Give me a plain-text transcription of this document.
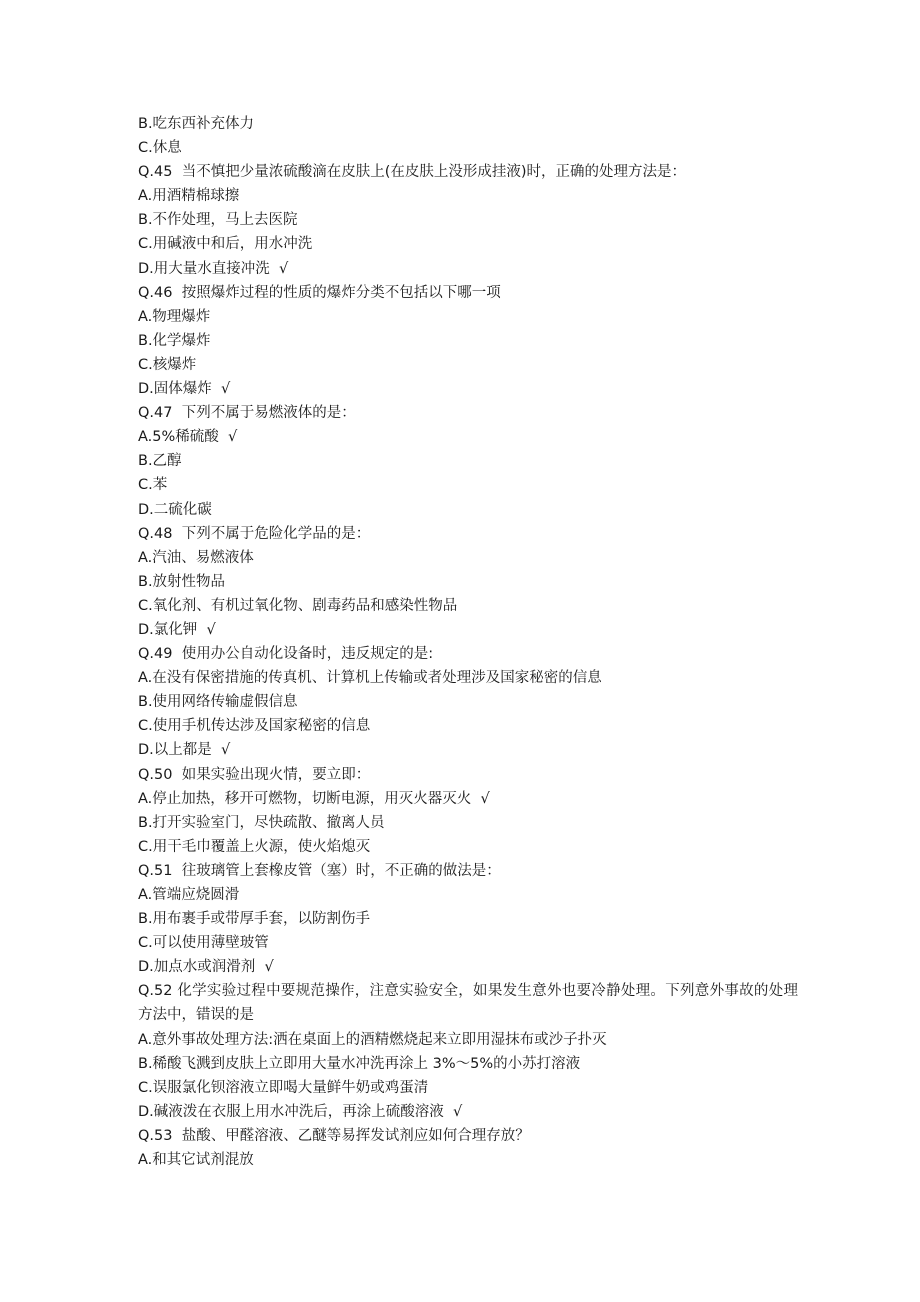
B.吃东西补充体力

C.休息

Q.45  当不慎把少量浓硫酸滴在皮肤上(在皮肤上没形成挂液)时，正确的处理方法是：

A.用酒精棉球擦

B.不作处理，马上去医院

C.用碱液中和后，用水冲洗

D.用大量水直接冲洗  √

Q.46  按照爆炸过程的性质的爆炸分类不包括以下哪一项

A.物理爆炸

B.化学爆炸

C.核爆炸

D.固体爆炸  √

Q.47  下列不属于易燃液体的是：

A.5%稀硫酸  √

B.乙醇

C.苯

D.二硫化碳

Q.48  下列不属于危险化学品的是：

A.汽油、易燃液体

B.放射性物品

C.氧化剂、有机过氧化物、剧毒药品和感染性物品

D.氯化钾  √

Q.49  使用办公自动化设备时，违反规定的是:

A.在没有保密措施的传真机、计算机上传输或者处理涉及国家秘密的信息

B.使用网络传输虚假信息

C.使用手机传达涉及国家秘密的信息

D.以上都是  √

Q.50  如果实验出现火情，要立即：

A.停止加热，移开可燃物，切断电源，用灭火器灭火  √

B.打开实验室门，尽快疏散、撤离人员

C.用干毛巾覆盖上火源，使火焰熄灭

Q.51  往玻璃管上套橡皮管（塞）时，不正确的做法是：

A.管端应烧圆滑

B.用布裹手或带厚手套，以防割伤手

C.可以使用薄壁玻管

D.加点水或润滑剂  √

Q.52 化学实验过程中要规范操作，注意实验安全，如果发生意外也要冷静处理。下列意外事故的处理方法中，错误的是

A.意外事故处理方法:洒在桌面上的酒精燃烧起来立即用湿抹布或沙子扑灭

B.稀酸飞溅到皮肤上立即用大量水冲洗再涂上 3%～5%的小苏打溶液

C.误服氯化钡溶液立即喝大量鲜牛奶或鸡蛋清

D.碱液泼在衣服上用水冲洗后，再涂上硫酸溶液  √

Q.53  盐酸、甲醛溶液、乙醚等易挥发试剂应如何合理存放？

A.和其它试剂混放
